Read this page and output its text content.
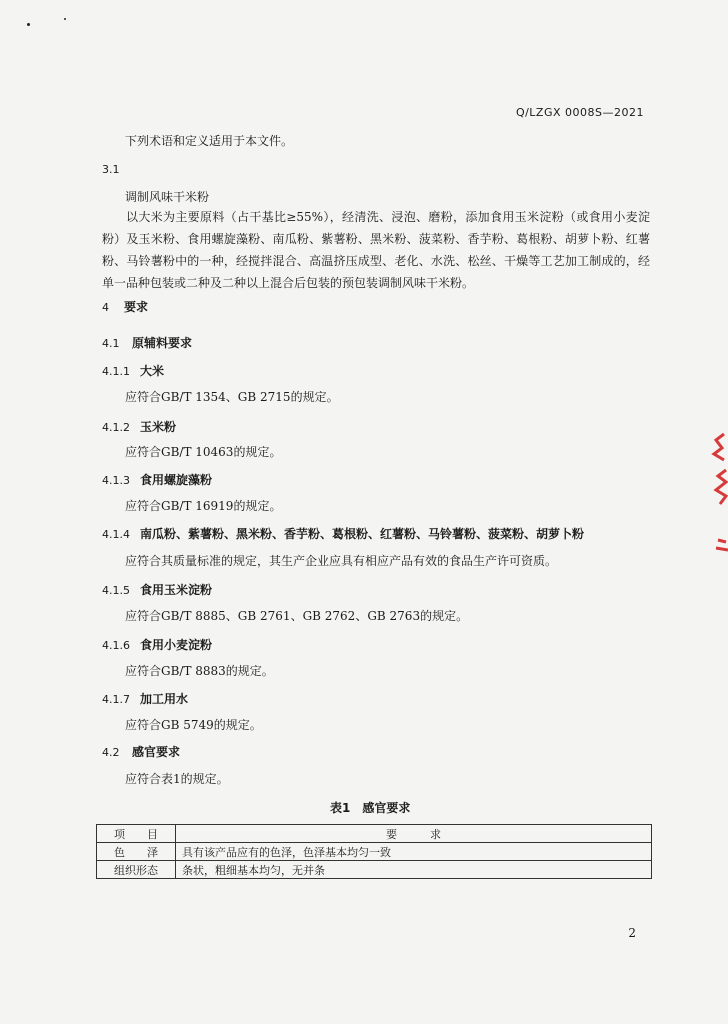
Q/LZGX 0008S—2021
下列术语和定义适用于本文件。
3.1
调制风味干米粉
以大米为主要原料（占干基比≥55%），经清洗、浸泡、磨粉，添加食用玉米淀粉（或食用小麦淀粉）及玉米粉、食用螺旋藻粉、南瓜粉、紫薯粉、黑米粉、菠菜粉、香芋粉、葛根粉、胡萝卜粉、红薯粉、马铃薯粉中的一种，经搅拌混合、高温挤压成型、老化、水洗、松丝、干燥等工艺加工制成的，经单一品种包装或二种及二种以上混合后包装的预包装调制风味干米粉。
4 要求
4.1 原辅料要求
4.1.1 大米
应符合GB/T 1354、GB 2715的规定。
4.1.2 玉米粉
应符合GB/T 10463的规定。
4.1.3 食用螺旋藻粉
应符合GB/T 16919的规定。
4.1.4 南瓜粉、紫薯粉、黑米粉、香芋粉、葛根粉、红薯粉、马铃薯粉、菠菜粉、胡萝卜粉
应符合其质量标准的规定，其生产企业应具有相应产品有效的食品生产许可资质。
4.1.5 食用玉米淀粉
应符合GB/T 8885、GB 2761、GB 2762、GB 2763的规定。
4.1.6 食用小麦淀粉
应符合GB/T 8883的规定。
4.1.7 加工用水
应符合GB 5749的规定。
4.2 感官要求
应符合表1的规定。
表1　感官要求
项　　目	要　　　求
色　　泽	具有该产品应有的色泽，色泽基本均匀一致
组织形态	条状，粗细基本均匀，无并条
2
